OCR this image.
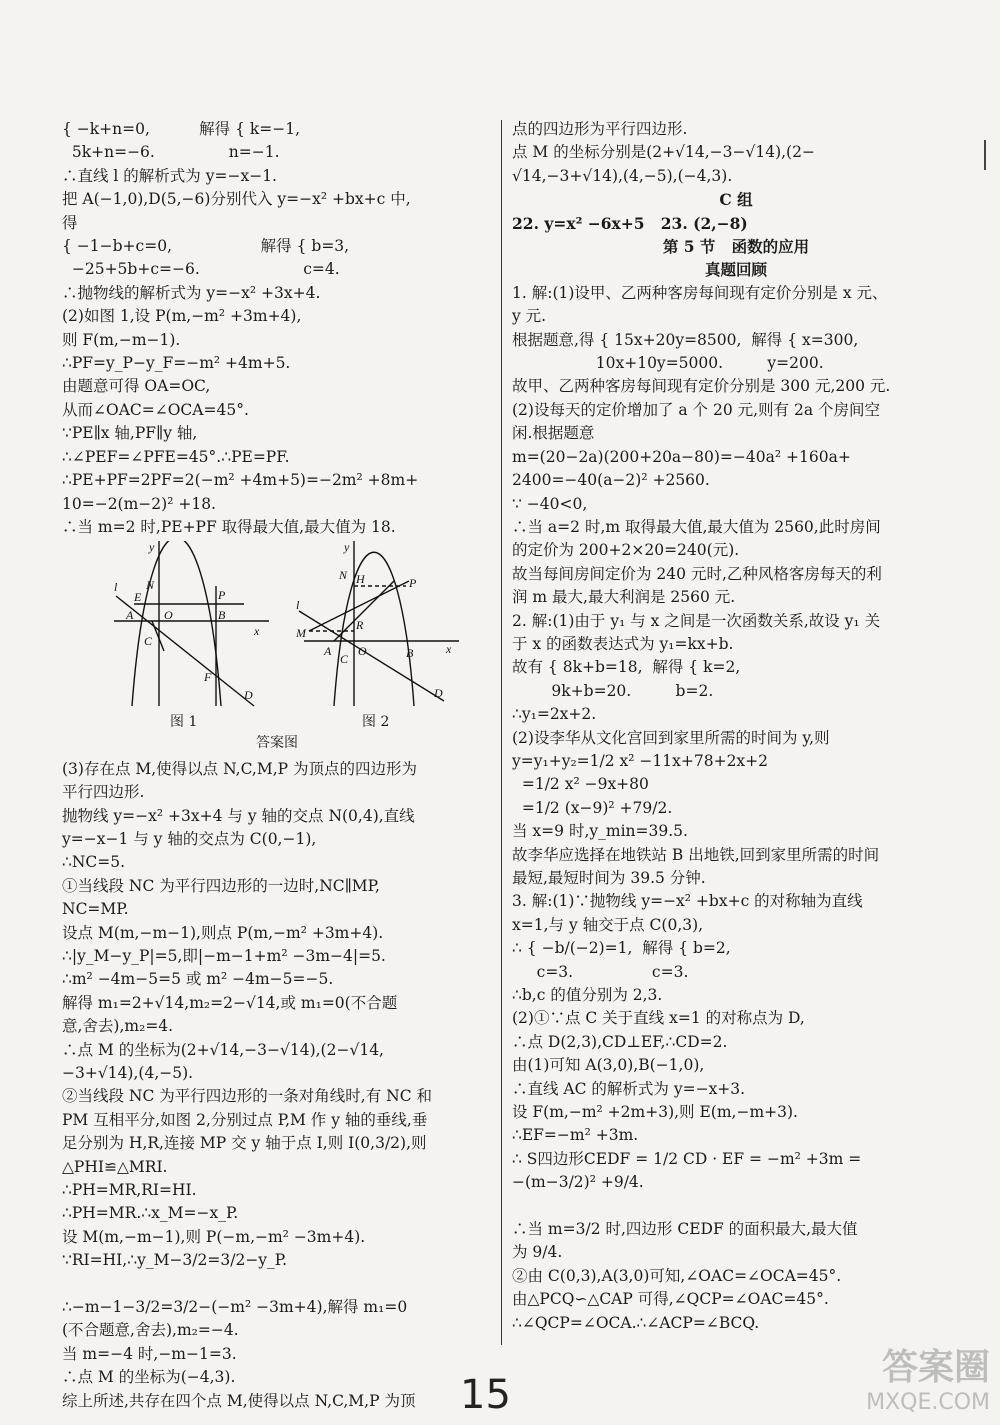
{ −k+n=0,          解得 { k=−1,
5k+n=−6.               n=−1.
∴直线 l 的解析式为 y=−x−1.
把 A(−1,0),D(5,−6)分别代入 y=−x² +bx+c 中,
得
{ −1−b+c=0,                  解得 { b=3,
−25+5b+c=−6.                     c=4.
∴抛物线的解析式为 y=−x² +3x+4.
(2)如图 1,设 P(m,−m² +3m+4),
则 F(m,−m−1).
∴PF=y_P−y_F=−m² +4m+5.
由题意可得 OA=OC,
从而∠OAC=∠OCA=45°.
∵PE∥x 轴,PF∥y 轴,
∴∠PEF=∠PFE=45°.∴PE=PF.
∴PE+PF=2PF=2(−m² +4m+5)=−2m² +8m+
10=−2(m−2)² +18.
∴当 m=2 时,PE+PF 取得最大值,最大值为 18.
y
l N
E	P
A	O	B
x
C
F
D
y
N H	P
l
M
R
A
C
O	B	x
D
图 1	图 2
答案图
(3)存在点 M,使得以点 N,C,M,P 为顶点的四边形为
平行四边形.
抛物线 y=−x² +3x+4 与 y 轴的交点 N(0,4),直线
y=−x−1 与 y 轴的交点为 C(0,−1),
∴NC=5.
①当线段 NC 为平行四边形的一边时,NC∥MP,
NC=MP.
设点 M(m,−m−1),则点 P(m,−m² +3m+4).
∴|y_M−y_P|=5,即|−m−1+m² −3m−4|=5.
∴m² −4m−5=5 或 m² −4m−5=−5.
解得 m₁=2+√14,m₂=2−√14,或 m₁=0(不合题
意,舍去),m₂=4.
∴点 M 的坐标为(2+√14,−3−√14),(2−√14,
−3+√14),(4,−5).
②当线段 NC 为平行四边形的一条对角线时,有 NC 和
PM 互相平分,如图 2,分别过点 P,M 作 y 轴的垂线,垂
足分别为 H,R,连接 MP 交 y 轴于点 I,则 I(0,3/2),则
△PHI≌△MRI.
∴PH=MR,RI=HI.
∴PH=MR.∴x_M=−x_P.
设 M(m,−m−1),则 P(−m,−m² −3m+4).
∵RI=HI,∴y_M−3/2=3/2−y_P.
∴−m−1−3/2=3/2−(−m² −3m+4),解得 m₁=0
(不合题意,舍去),m₂=−4.
当 m=−4 时,−m−1=3.
∴点 M 的坐标为(−4,3).
综上所述,共存在四个点 M,使得以点 N,C,M,P 为顶
点的四边形为平行四边形.
点 M 的坐标分别是(2+√14,−3−√14),(2−
√14,−3+√14),(4,−5),(−4,3).
C 组
22. y=x² −6x+5   23. (2,−8)
第 5 节   函数的应用
真题回顾
1. 解:(1)设甲、乙两种客房每间现有定价分别是 x 元、
y 元.
根据题意,得 { 15x+20y=8500,  解得 { x=300,
10x+10y=5000.         y=200.
故甲、乙两种客房每间现有定价分别是 300 元,200 元.
(2)设每天的定价增加了 a 个 20 元,则有 2a 个房间空
闲.根据题意
m=(20−2a)(200+20a−80)=−40a² +160a+
2400=−40(a−2)² +2560.
∵ −40<0,
∴当 a=2 时,m 取得最大值,最大值为 2560,此时房间
的定价为 200+2×20=240(元).
故当每间房间定价为 240 元时,乙种风格客房每天的利
润 m 最大,最大利润是 2560 元.
2. 解:(1)由于 y₁ 与 x 之间是一次函数关系,故设 y₁ 关
于 x 的函数表达式为 y₁=kx+b.
故有 { 8k+b=18,  解得 { k=2,
9k+b=20.         b=2.
∴y₁=2x+2.
(2)设李华从文化宫回到家里所需的时间为 y,则
y=y₁+y₂=1/2 x² −11x+78+2x+2
=1/2 x² −9x+80
=1/2 (x−9)² +79/2.
当 x=9 时,y_min=39.5.
故李华应选择在地铁站 B 出地铁,回到家里所需的时间
最短,最短时间为 39.5 分钟.
3. 解:(1)∵抛物线 y=−x² +bx+c 的对称轴为直线
x=1,与 y 轴交于点 C(0,3),
∴ { −b/(−2)=1,  解得 { b=2,
c=3.                c=3.
∴b,c 的值分别为 2,3.
(2)①∵点 C 关于直线 x=1 的对称点为 D,
∴点 D(2,3),CD⊥EF,∴CD=2.
由(1)可知 A(3,0),B(−1,0),
∴直线 AC 的解析式为 y=−x+3.
设 F(m,−m² +2m+3),则 E(m,−m+3).
∴EF=−m² +3m.
∴ S四边形CEDF = 1/2 CD · EF = −m² +3m =
−(m−3/2)² +9/4.
∴当 m=3/2 时,四边形 CEDF 的面积最大,最大值
为 9/4.
②由 C(0,3),A(3,0)可知,∠OAC=∠OCA=45°.
由△PCQ∽△CAP 可得,∠QCP=∠OAC=45°.
∴∠QCP=∠OCA.∴∠ACP=∠BCQ.
15
答案圈
MXQE.COM
